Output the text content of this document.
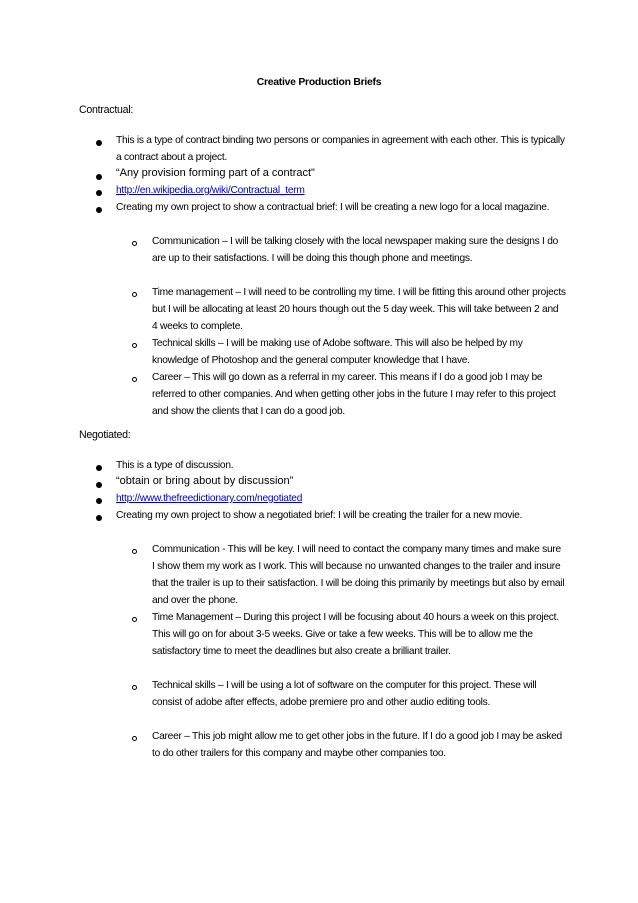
Creative Production Briefs
Contractual:
This is a type of contract binding two persons or companies in agreement with each other. This is typically a contract about a project.
“Any provision forming part of a contract"
http://en.wikipedia.org/wiki/Contractual_term
Creating my own project to show a contractual brief: I will be creating a new logo for a local magazine.
Communication – I will be talking closely with the local newspaper making sure the designs I do are up to their satisfactions. I will be doing this though phone and meetings.
Time management – I will need to be controlling my time. I will be fitting this around other projects but I will be allocating at least 20 hours though out the 5 day week. This will take between 2 and 4 weeks to complete.
Technical skills – I will be making use of Adobe software. This will also be helped by my knowledge of Photoshop and the general computer knowledge that I have.
Career – This will go down as a referral in my career. This means if I do a good job I may be referred to other companies. And when getting other jobs in the future I may refer to this project and show the clients that I can do a good job.
Negotiated:
This is a type of discussion.
“obtain or bring about by discussion”
http://www.thefreedictionary.com/negotiated
Creating my own project to show a negotiated brief: I will be creating the trailer for a new movie.
Communication - This will be key. I will need to contact the company many times and make sure I show them my work as I work. This will because no unwanted changes to the trailer and insure that the trailer is up to their satisfaction. I will be doing this primarily by meetings but also by email and over the phone.
Time Management – During this project I will be focusing about 40 hours a week on this project. This will go on for about 3-5 weeks. Give or take a few weeks. This will be to allow me the satisfactory time to meet the deadlines but also create a brilliant trailer.
Technical skills – I will be using a lot of software on the computer for this project. These will consist of adobe after effects, adobe premiere pro and other audio editing tools.
Career – This job might allow me to get other jobs in the future. If I do a good job I may be asked to do other trailers for this company and maybe other companies too.
